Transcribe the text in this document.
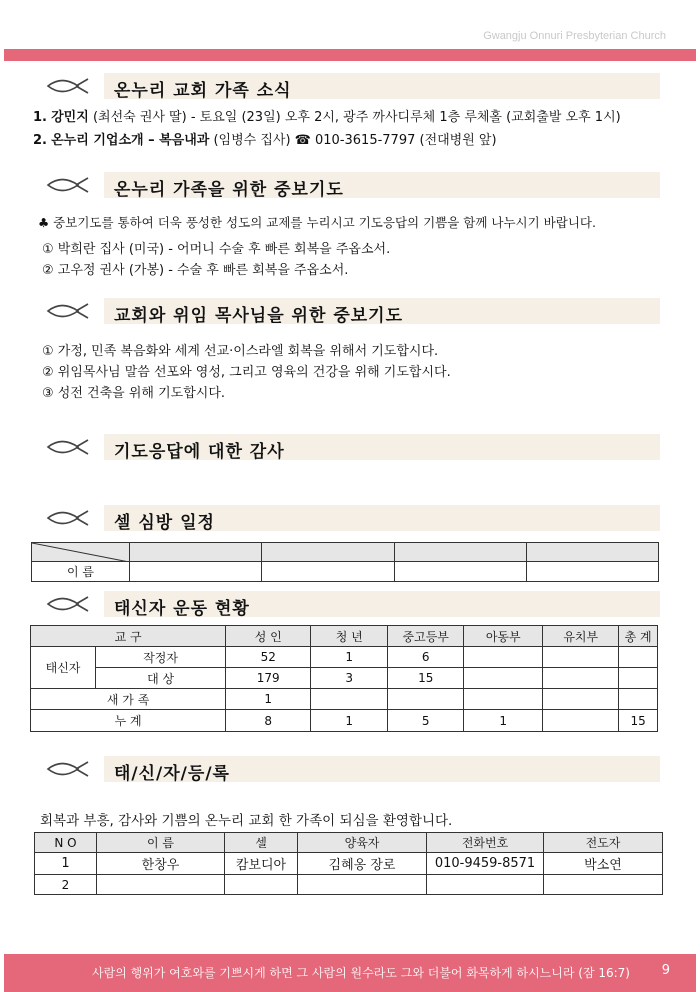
Gwangju Onnuri Presbyterian Church
온누리 교회 가족 소식
1. 강민지 (최선숙 권사 딸) - 토요일 (23일) 오후 2시, 광주 까사디루체 1층 루체홀 (교회출발 오후 1시)
2. 온누리 기업소개 – 복음내과 (임병수 집사) ☎ 010-3615-7797 (전대병원 앞)
온누리 가족을 위한 중보기도
♣ 중보기도를 통하여 더욱 풍성한 성도의 교제를 누리시고 기도응답의 기쁨을 함께 나누시기 바랍니다.
① 박희란 집사 (미국) - 어머니 수술 후 빠른 회복을 주옵소서.
② 고우정 권사 (가봉) - 수술 후 빠른 회복을 주옵소서.
교회와 위임 목사님을 위한 중보기도
① 가정, 민족 복음화와 세계 선교·이스라엘 회복을 위해서 기도합시다.
② 위임목사님 말씀 선포와 영성, 그리고 영육의 건강을 위해 기도합시다.
③ 성전 건축을 위해 기도합시다.
기도응답에 대한 감사
셀 심방 일정

이 름				
태신자 운동 현황
교 구		성 인	청 년	중고등부	아동부	유치부	총 계
태신자	작정자	52	1	6			
	대 상	179	3	15			
새 가 족		1					
누 계		8	1	5	1		15
태/신/자/등/록
회복과 부흥, 감사와 기쁨의 온누리 교회 한 가족이 되심을 환영합니다.
N O	이 름	셀	양육자	전화번호	전도자
1	한창우	캄보디아	김혜옹 장로	010-9459-8571	박소연
2					
사람의 행위가 여호와를 기쁘시게 하면 그 사람의 원수라도 그와 더불어 화목하게 하시느니라 (잠 16:7) 9
